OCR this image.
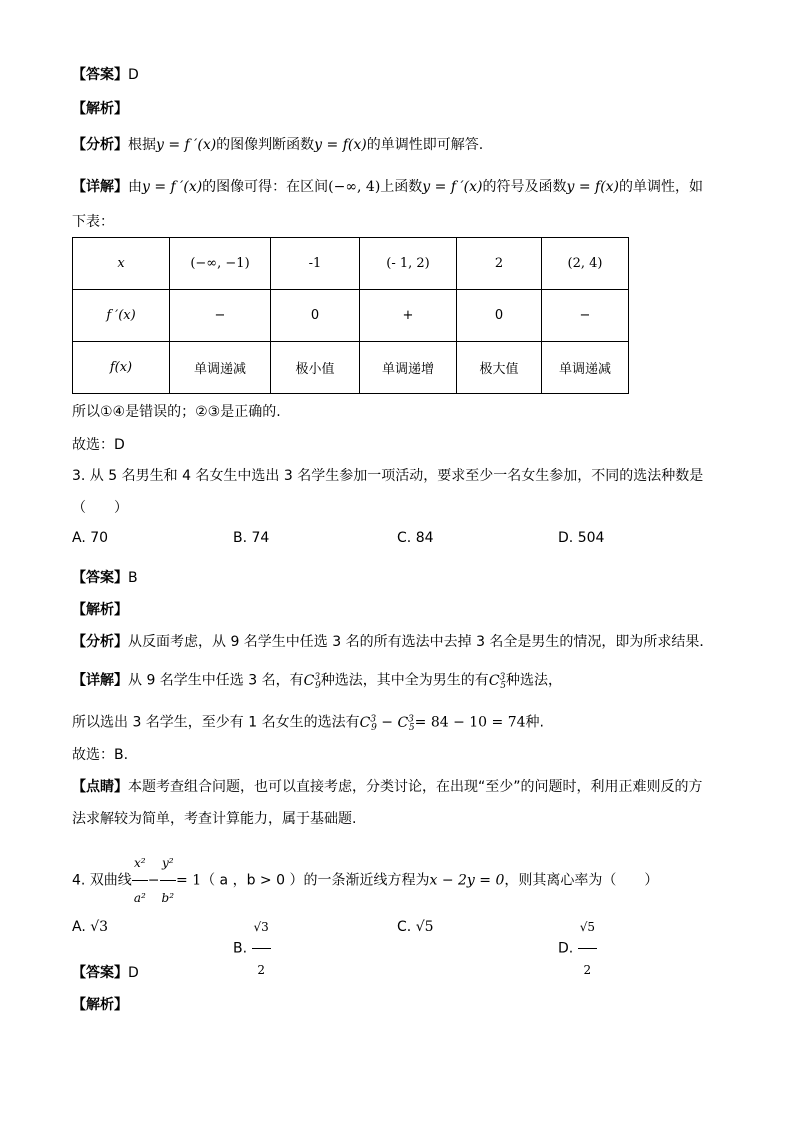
【答案】D
【解析】
【分析】根据y = f ′(x)的图像判断函数y = f(x)的单调性即可解答.
【详解】由y = f ′(x)的图像可得：在区间(−∞, 4)上函数y = f ′(x)的符号及函数y = f(x)的单调性，如
下表：
x	(−∞, −1)	-1	(- 1, 2)	2	(2, 4)
f ′(x)	−	0	+	0	−
f(x)	单调递减	极小值	单调递增	极大值	单调递减
所以①④是错误的；②③是正确的.
故选：D
3. 从 5 名男生和 4 名女生中选出 3 名学生参加一项活动，要求至少一名女生参加，不同的选法种数是
（　　）
A. 70	B. 74	C. 84	D. 504
【答案】B
【解析】
【分析】从反面考虑，从 9 名学生中任选 3 名的所有选法中去掉 3 名全是男生的情况，即为所求结果．
【详解】从 9 名学生中任选 3 名，有$C^3_9$种选法，其中全为男生的有$C^3_5$种选法，
所以选出 3 名学生，至少有 1 名女生的选法有$C^3_9 - C^3_5= 84 - 10 = 74$种.
故选：B.
【点睛】本题考查组合问题，也可以直接考虑，分类讨论，在出现“至少”的问题时，利用正难则反的方
法求解较为简单，考查计算能力，属于基础题.
4. 双曲线 $\frac{\text{x²}}{\text{a²}} - \frac{\text{y²}}{\text{b²}} = 1$（ a ，b > 0 ）的一条渐近线方程为x − 2y = 0，则其离心率为（　　）
A. √3
B. $\frac{√3}{2}$	C. √5
D. $\frac{√5}{2}$
【答案】D
【解析】
